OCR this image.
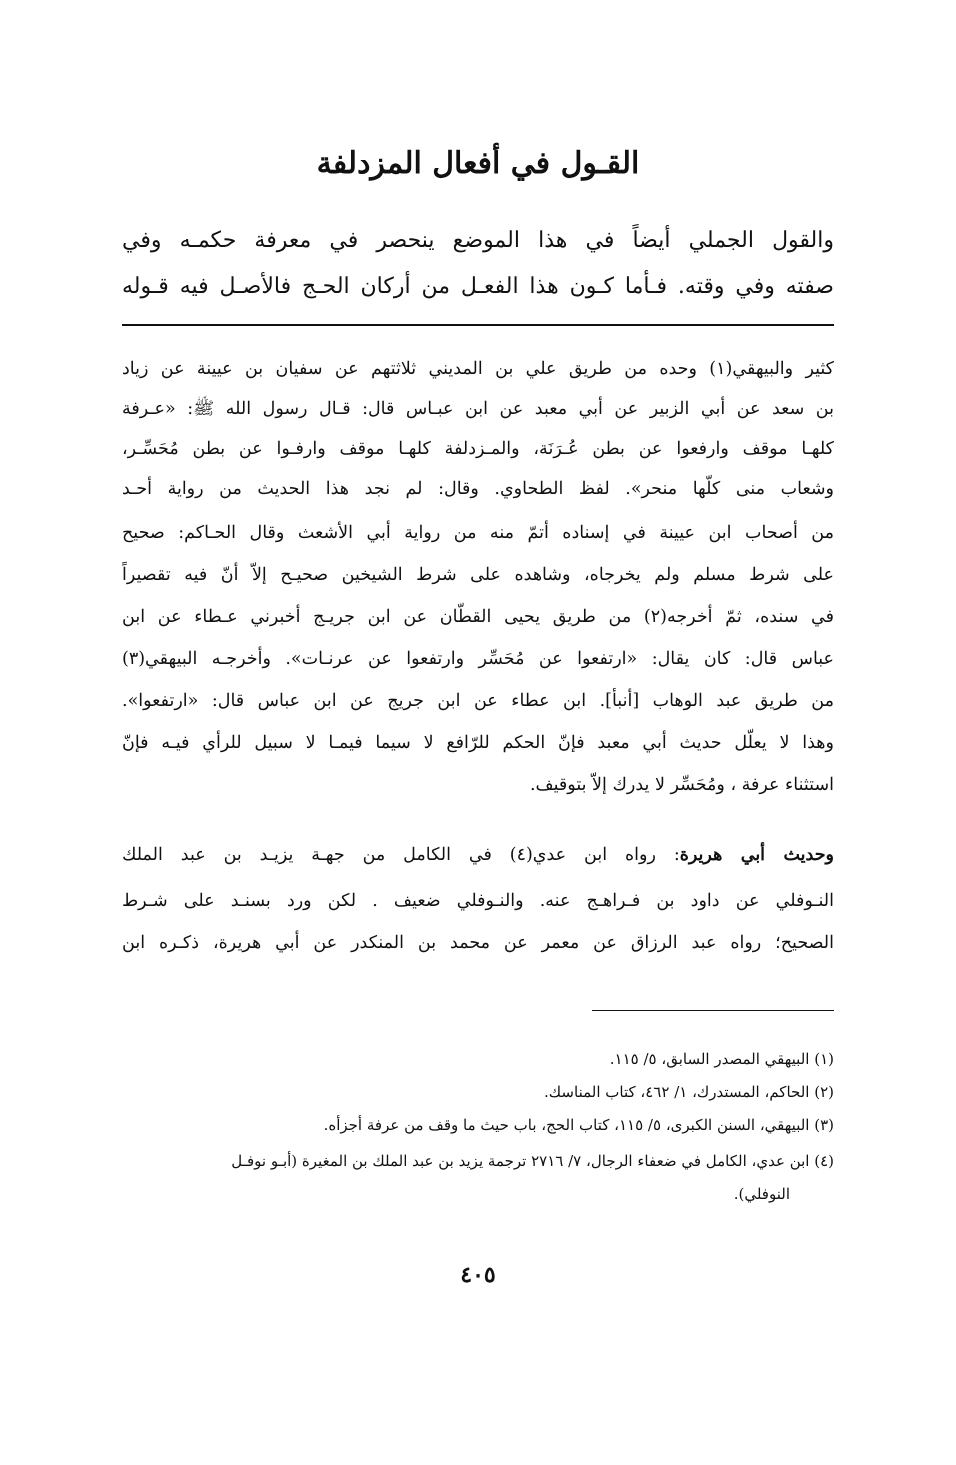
القـول في أفعال المزدلفة
والقول الجملي أيضاً في هذا الموضع ينحصر في معرفة حكمـه وفي
صفته وفي وقته. فـأما كـون هذا الفعـل من أركان الحـج فالأصـل فيه قـوله
كثير والبيهقي(١) وحده من طريق علي بن المديني ثلاثتهم عن سفيان بن عيينة عن زياد
بن سعد عن أبي الزبير عن أبي معبد عن ابن عبـاس قال: قـال رسول الله ﷺ: «عـرفة
كلهـا موقف وارفعوا عن بطن عُـرَنَة، والمـزدلفة كلهـا موقف وارفـوا عن بطن مُحَسِّـر،
وشعاب منى كلّها منحر». لفظ الطحاوي. وقال: لم نجد هذا الحديث من رواية أحـد
من أصحاب ابن عيينة في إسناده أتمّ منه من رواية أبي الأشعث وقال الحـاكم: صحيح
على شرط مسلم ولم يخرجاه، وشاهده على شرط الشيخين صحيـح إلاّ أنّ فيه تقصيراً
في سنده، ثمّ أخرجه(٢) من طريق يحيى القطّان عن ابن جريـج أخبرني عـطاء عن ابن
عباس قال: كان يقال: «ارتفعوا عن مُحَسِّر وارتفعوا عن عرنـات». وأخرجـه البيهقي(٣)
من طريق عبد الوهاب [أنبأ]. ابن عطاء عن ابن جريج عن ابن عباس قال: «ارتفعوا».
وهذا لا يعلّل حديث أبي معبد فإنّ الحكم للرّافع لا سيما فيمـا لا سبيل للرأي فيـه فإنّ
استثناء عرفة ، ومُحَسِّر لا يدرك إلاّ بتوقيف.
وحديث أبي هريرة: رواه ابن عدي(٤) في الكامل من جهـة يزيـد بن عبد الملك
النـوفلي عن داود بن فـراهـج عنه. والنـوفلي ضعيف . لكن ورد بسنـد على شـرط
الصحيح؛ رواه عبد الرزاق عن معمر عن محمد بن المنكدر عن أبي هريرة، ذكـره ابن
(١) البيهقي المصدر السابق، ٥/ ١١٥.
(٢) الحاكم، المستدرك، ١/ ٤٦٢، كتاب المناسك.
(٣) البيهقي، السنن الكبرى، ٥/ ١١٥، كتاب الحج، باب حيث ما وقف من عرفة أجزأه.
(٤) ابن عدي، الكامل في ضعفاء الرجال، ٧/ ٢٧١٦ ترجمة يزيد بن عبد الملك بن المغيرة (أبـو نوفـل
النوفلي).
٤٠٥
